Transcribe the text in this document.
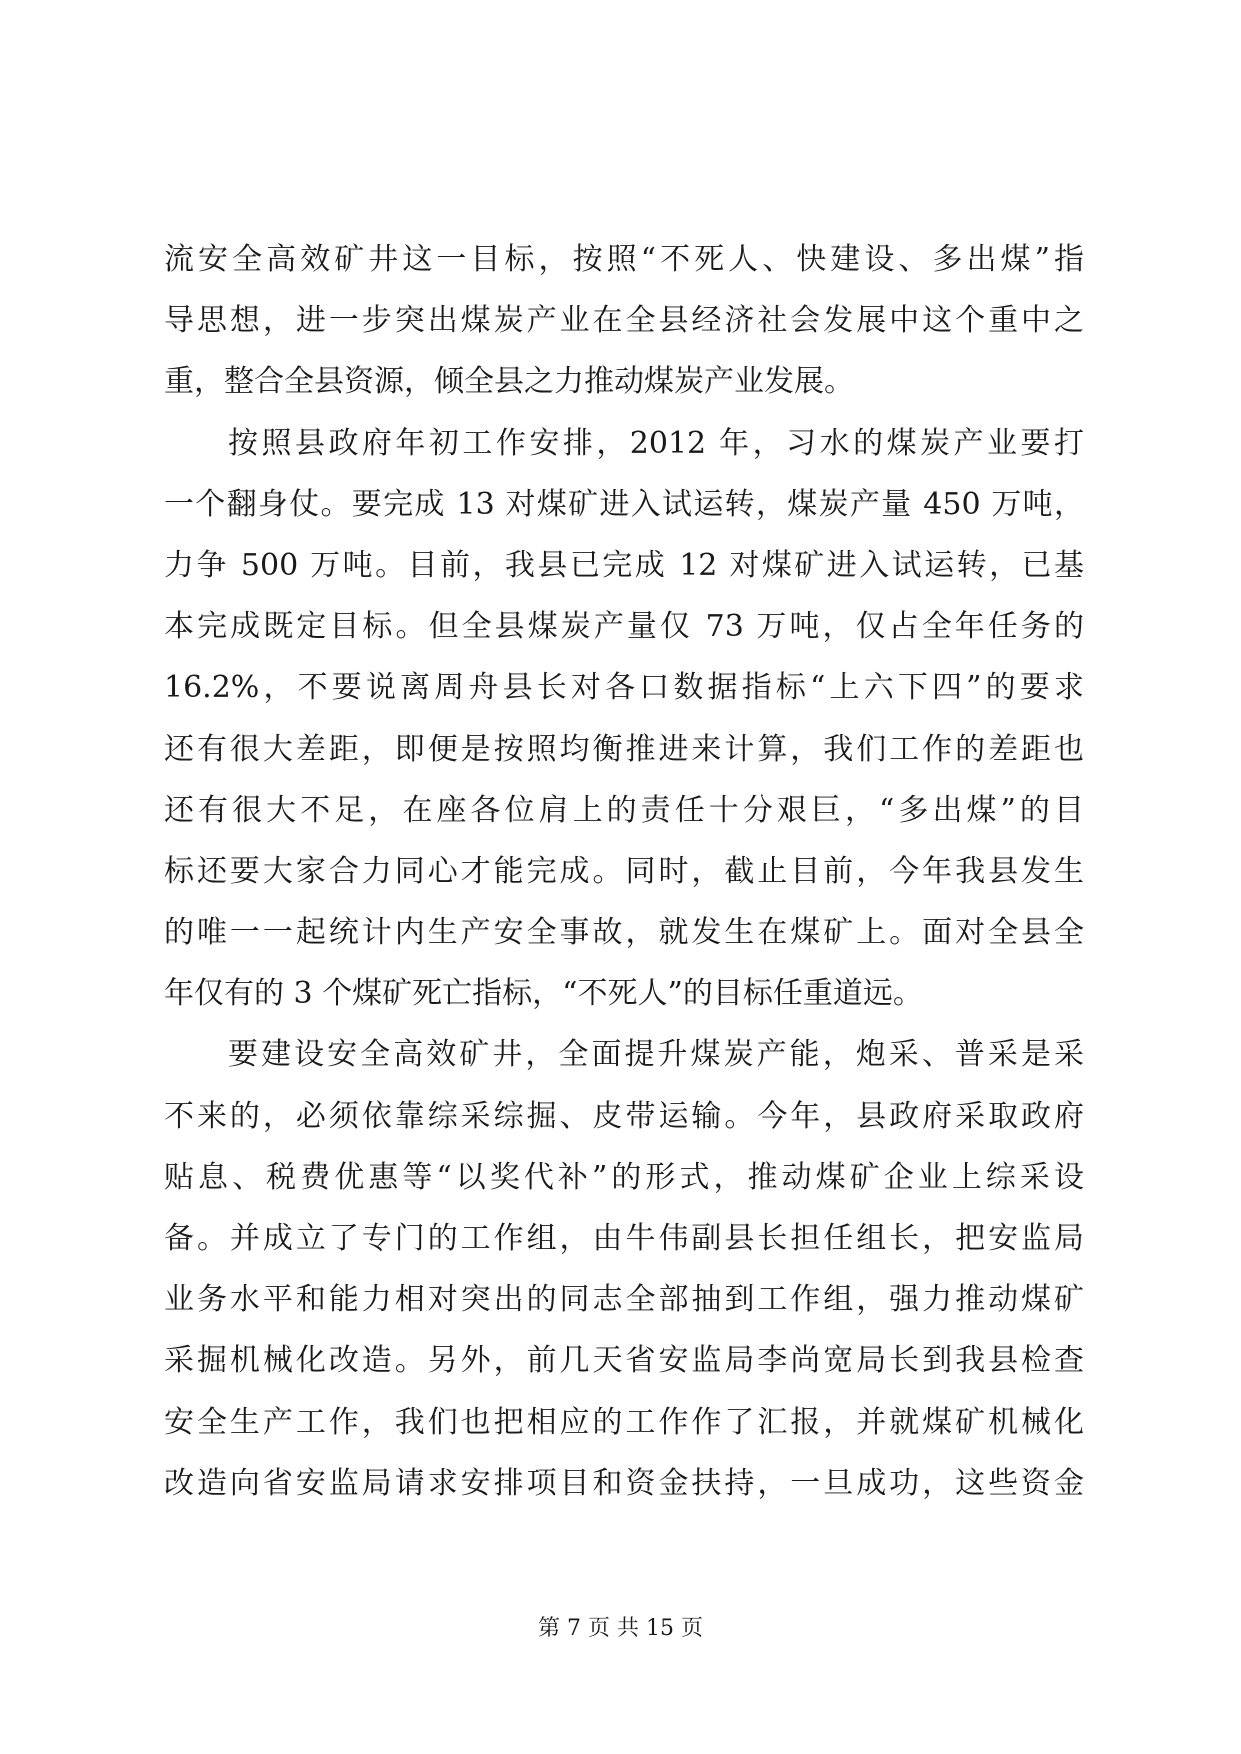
流安全高效矿井这一目标，按照“不死人、快建设、多出煤”指
导思想，进一步突出煤炭产业在全县经济社会发展中这个重中之
重，整合全县资源，倾全县之力推动煤炭产业发展。
按照县政府年初工作安排，2012 年，习水的煤炭产业要打
一个翻身仗。要完成 13 对煤矿进入试运转，煤炭产量 450 万吨，
力争 500 万吨。目前，我县已完成 12 对煤矿进入试运转，已基
本完成既定目标。但全县煤炭产量仅 73 万吨，仅占全年任务的
16.2%，不要说离周舟县长对各口数据指标“上六下四”的要求
还有很大差距，即便是按照均衡推进来计算，我们工作的差距也
还有很大不足，在座各位肩上的责任十分艰巨，“多出煤”的目
标还要大家合力同心才能完成。同时，截止目前，今年我县发生
的唯一一起统计内生产安全事故，就发生在煤矿上。面对全县全
年仅有的 3 个煤矿死亡指标，“不死人”的目标任重道远。
要建设安全高效矿井，全面提升煤炭产能，炮采、普采是采
不来的，必须依靠综采综掘、皮带运输。今年，县政府采取政府
贴息、税费优惠等“以奖代补”的形式，推动煤矿企业上综采设
备。并成立了专门的工作组，由牛伟副县长担任组长，把安监局
业务水平和能力相对突出的同志全部抽到工作组，强力推动煤矿
采掘机械化改造。另外，前几天省安监局李尚宽局长到我县检查
安全生产工作，我们也把相应的工作作了汇报，并就煤矿机械化
改造向省安监局请求安排项目和资金扶持，一旦成功，这些资金
第 7 页 共 15 页
